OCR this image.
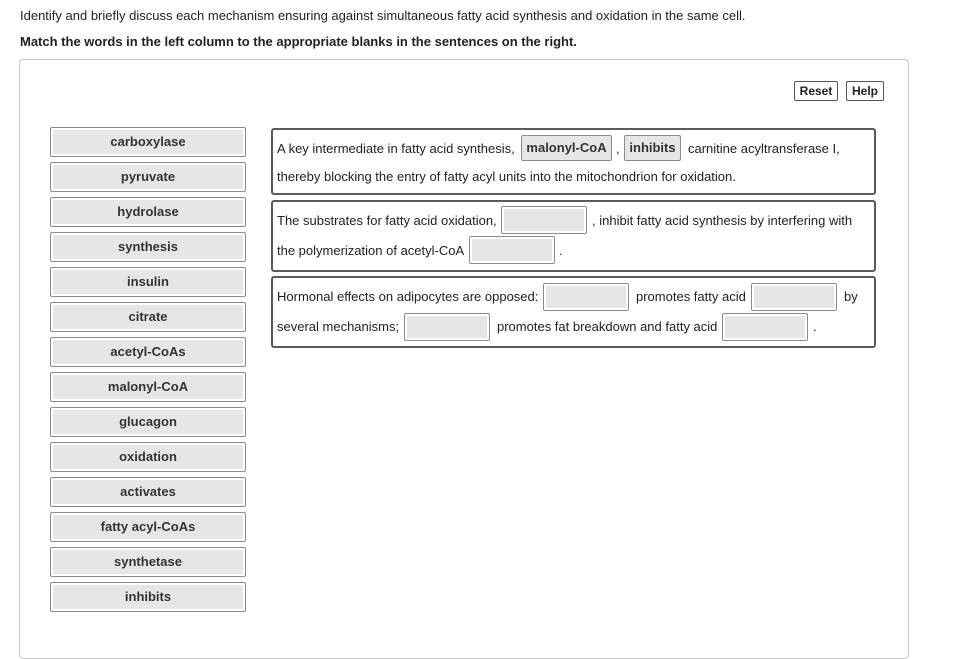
Identify and briefly discuss each mechanism ensuring against simultaneous fatty acid synthesis and oxidation in the same cell.
Match the words in the left column to the appropriate blanks in the sentences on the right.
Reset	Help
carboxylase
pyruvate
hydrolase
synthesis
insulin
citrate
acetyl-CoAs
malonyl-CoA
glucagon
oxidation
activates
fatty acyl-CoAs
synthetase
inhibits
A key intermediate in fatty acid synthesis, malonyl-CoA , inhibits carnitine acyltransferase I,
thereby blocking the entry of fatty acyl units into the mitochondrion for oxidation.
The substrates for fatty acid oxidation,	, inhibit fatty acid synthesis by interfering with
the polymerization of acetyl-CoA	.
Hormonal effects on adipocytes are opposed:	promotes fatty acid	by
several mechanisms;	promotes fat breakdown and fatty acid	.
